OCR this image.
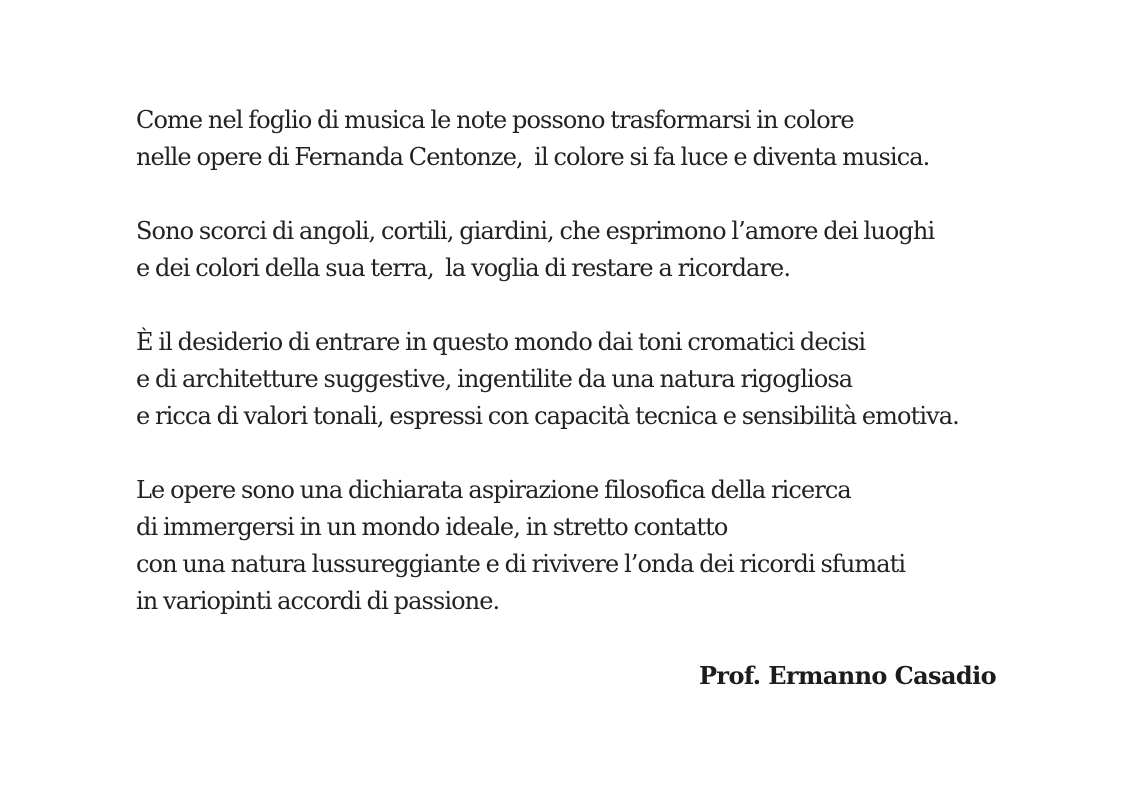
Come nel foglio di musica le note possono trasformarsi in colore
nelle opere di Fernanda Centonze,  il colore si fa luce e diventa musica.

Sono scorci di angoli, cortili, giardini, che esprimono l’amore dei luoghi
e dei colori della sua terra,  la voglia di restare a ricordare.

È il desiderio di entrare in questo mondo dai toni cromatici decisi
e di architetture suggestive, ingentilite da una natura rigogliosa
e ricca di valori tonali, espressi con capacità tecnica e sensibilità emotiva.

Le opere sono una dichiarata aspirazione filosofica della ricerca
di immergersi in un mondo ideale, in stretto contatto
con una natura lussureggiante e di rivivere l’onda dei ricordi sfumati
in variopinti accordi di passione.

Prof. Ermanno Casadio
